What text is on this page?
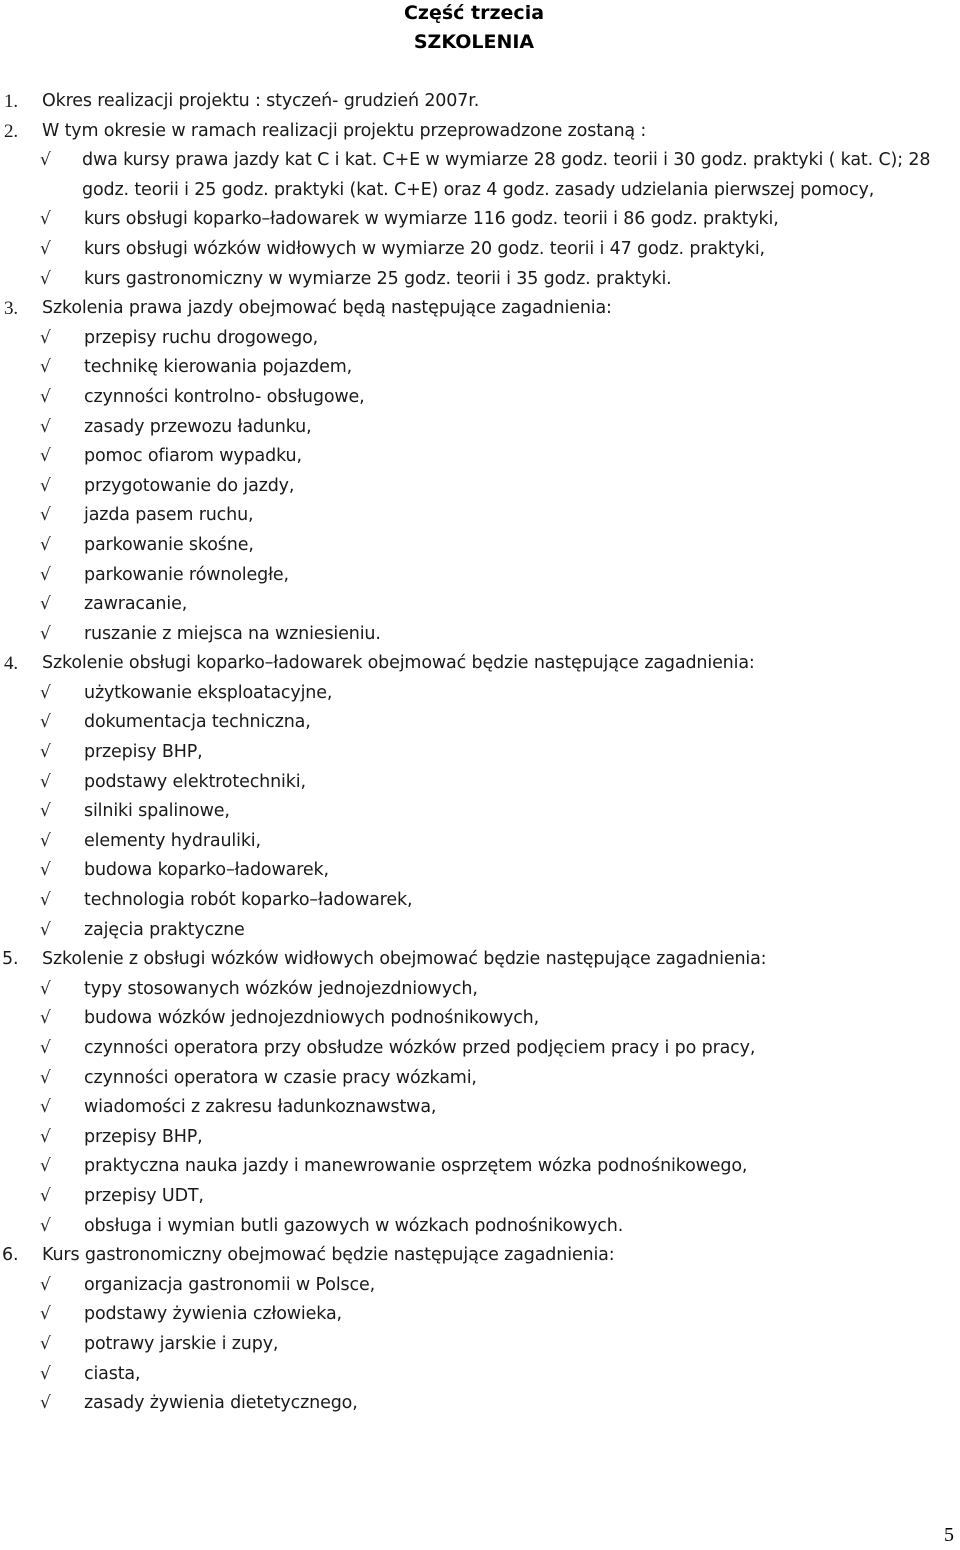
Część trzecia
SZKOLENIA
1.	Okres realizacji projektu : styczeń- grudzień 2007r.
2.	W tym okresie w ramach realizacji projektu przeprowadzone zostaną :
√	dwa kursy prawa jazdy kat C i kat. C+E w wymiarze 28 godz. teorii i 30 godz. praktyki ( kat. C); 28 godz. teorii i 25 godz. praktyki (kat. C+E) oraz 4 godz. zasady udzielania pierwszej pomocy,
√	kurs obsługi koparko–ładowarek w wymiarze 116 godz. teorii i 86 godz. praktyki,
√	kurs obsługi wózków widłowych w wymiarze 20 godz. teorii i 47 godz. praktyki,
√	kurs gastronomiczny w wymiarze 25 godz. teorii i 35 godz. praktyki.
3.	Szkolenia prawa jazdy obejmować będą następujące zagadnienia:
√	przepisy ruchu drogowego,
√	technikę kierowania pojazdem,
√	czynności kontrolno- obsługowe,
√	zasady przewozu ładunku,
√	pomoc ofiarom wypadku,
√	przygotowanie do jazdy,
√	jazda pasem ruchu,
√	parkowanie skośne,
√	parkowanie równoległe,
√	zawracanie,
√	ruszanie z miejsca na wzniesieniu.
4.	Szkolenie obsługi koparko–ładowarek obejmować będzie następujące zagadnienia:
√	użytkowanie eksploatacyjne,
√	dokumentacja techniczna,
√	przepisy BHP,
√	podstawy elektrotechniki,
√	silniki spalinowe,
√	elementy hydrauliki,
√	budowa koparko–ładowarek,
√	technologia robót koparko–ładowarek,
√	zajęcia praktyczne
5.	Szkolenie z obsługi wózków widłowych obejmować będzie następujące zagadnienia:
√	typy stosowanych wózków jednojezdniowych,
√	budowa wózków jednojezdniowych podnośnikowych,
√	czynności operatora przy obsłudze wózków przed podjęciem pracy i po pracy,
√	czynności operatora w czasie pracy wózkami,
√	wiadomości z zakresu ładunkoznawstwa,
√	przepisy BHP,
√	praktyczna nauka jazdy i manewrowanie osprzętem wózka podnośnikowego,
√	przepisy UDT,
√	obsługa i wymian butli gazowych w wózkach podnośnikowych.
6.	Kurs gastronomiczny obejmować będzie następujące zagadnienia:
√	organizacja gastronomii w Polsce,
√	podstawy żywienia człowieka,
√	potrawy jarskie i zupy,
√	ciasta,
√	zasady żywienia dietetycznego,
5
